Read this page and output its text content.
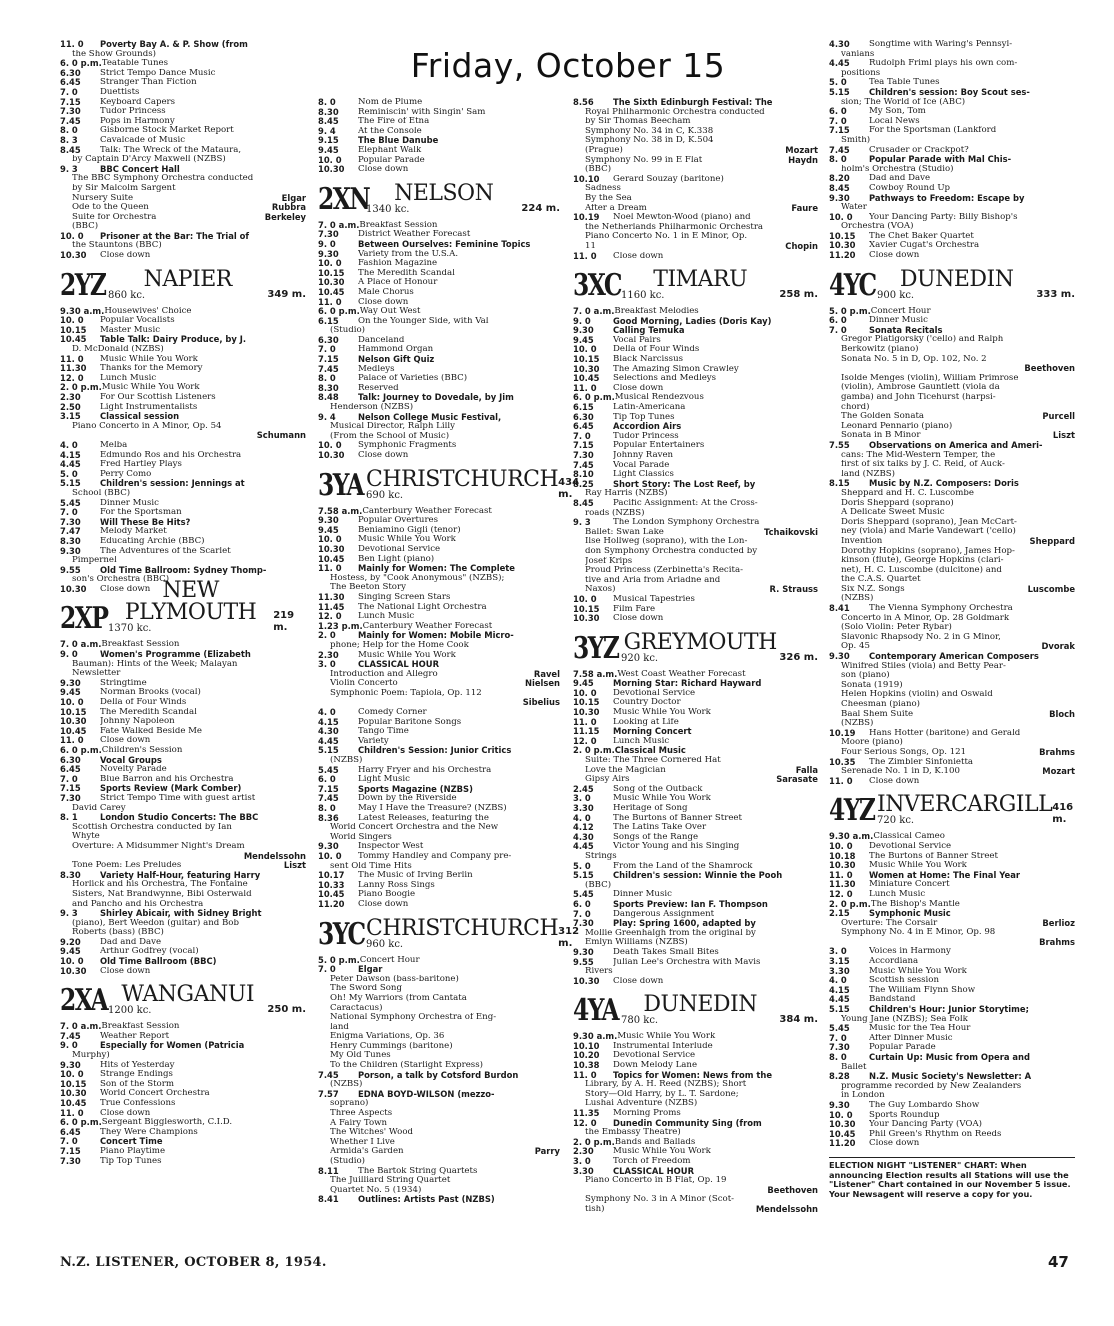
Friday, October 15
11. 0	Poverty Bay A. & P. Show (from
the Show Grounds)
6. 0 p.m. Teatable Tunes
6.30	Strict Tempo Dance Music
6.45	Stranger Than Fiction
7. 0	Duettists
7.15	Keyboard Capers
7.30	Tudor Princess
7.45	Pops in Harmony
8. 0	Gisborne Stock Market Report
8. 3	Cavalcade of Music
8.45	Talk: The Wreck of the Mataura,
by Captain D'Arcy Maxwell (NZBS)
9. 3	BBC Concert Hall
The BBC Symphony Orchestra conducted
by Sir Malcolm Sargent
Nursery Suite	Elgar
Ode to the Queen	Rubbra
Suite for Orchestra	Berkeley
(BBC)
10. 0	Prisoner at the Bar: The Trial of
the Stauntons (BBC)
10.30	Close down
2YZ	NAPIER
860 kc.	349 m.
9.30 a.m. Housewives' Choice
10. 0	Popular Vocalists
10.15	Master Music
10.45	Table Talk: Dairy Produce, by J.
D. McDonald (NZBS)
11. 0	Music While You Work
11.30	Thanks for the Memory
12. 0	Lunch Music
2. 0 p.m. Music While You Work
2.30	For Our Scottish Listeners
2.50	Light Instrumentalists
3.15	Classical session
Piano Concerto in A Minor, Op. 54
Schumann
4. 0	Melba
4.15	Edmundo Ros and his Orchestra
4.45	Fred Hartley Plays
5. 0	Perry Como
5.15	Children's session: Jennings at
School (BBC)
5.45	Dinner Music
7. 0	For the Sportsman
7.30	Will These Be Hits?
7.47	Melody Market
8.30	Educating Archie (BBC)
9.30	The Adventures of the Scarlet
Pimpernel
9.55	Old Time Ballroom: Sydney Thomp-
son's Orchestra (BBC)
10.30	Close down
2XP
NEW PLYMOUTH
1370 kc.
219 m.
7. 0 a.m. Breakfast Session
9. 0	Women's Programme (Elizabeth
Bauman): Hints of the Week; Malayan
Newsletter
9.30	Stringtime
9.45	Norman Brooks (vocal)
10. 0	Della of Four Winds
10.15	The Meredith Scandal
10.30	Johnny Napoleon
10.45	Fate Walked Beside Me
11. 0	Close down
6. 0 p.m. Children's Session
6.30	Vocal Groups
6.45	Novelty Parade
7. 0	Blue Barron and his Orchestra
7.15	Sports Review (Mark Comber)
7.30	Strict Tempo Time with guest artist
David Carey
8. 1	London Studio Concerts: The BBC
Scottish Orchestra conducted by Ian
Whyte
Overture: A Midsummer Night's Dream
Mendelssohn
Tone Poem: Les Preludes	Liszt
8.30	Variety Half-Hour, featuring Harry
Horlick and his Orchestra, The Fontaine
Sisters, Nat Brandwynne, Bibi Osterwald
and Pancho and his Orchestra
9. 3	Shirley Abicair, with Sidney Bright
(piano), Bert Weedon (guitar) and Bob
Roberts (bass) (BBC)
9.20	Dad and Dave
9.45	Arthur Godfrey (vocal)
10. 0	Old Time Ballroom (BBC)
10.30	Close down
2XA WANGANUI
1200 kc.	250 m.
7. 0 a.m. Breakfast Session
7.45	Weather Report
9. 0	Especially for Women (Patricia
Murphy)
9.30	Hits of Yesterday
10. 0	Strange Endings
10.15	Son of the Storm
10.30	World Concert Orchestra
10.45	True Confessions
11. 0	Close down
6. 0 p.m. Sergeant Bigglesworth, C.I.D.
6.45	They Were Champions
7. 0	Concert Time
7.15	Piano Playtime
7.30	Tip Top Tunes
8. 0	Nom de Plume
8.30	Reminiscin' with Singin' Sam
8.45	The Fire of Etna
9. 4	At the Console
9.15	The Blue Danube
9.45	Elephant Walk
10. 0	Popular Parade
10.30	Close down
2XN	NELSON
1340 kc.	224 m.
7. 0 a.m. Breakfast Session
7.30	District Weather Forecast
9. 0	Between Ourselves: Feminine Topics
9.30	Variety from the U.S.A.
10. 0	Fashion Magazine
10.15	The Meredith Scandal
10.30	A Place of Honour
10.45	Male Chorus
11. 0	Close down
6. 0 p.m. Way Out West
6.15	On the Younger Side, with Val
(Studio)
6.30	Danceland
7. 0	Hammond Organ
7.15	Nelson Gift Quiz
7.45	Medleys
8. 0	Palace of Varieties (BBC)
8.30	Reserved
8.48	Talk: Journey to Dovedale, by Jim
Henderson (NZBS)
9. 4	Nelson College Music Festival,
Musical Director, Ralph Lilly
(From the School of Music)
10. 0	Symphonic Fragments
10.30	Close down
3YA CHRISTCHURCH
690 kc.
434 m.
7.58 a.m. Canterbury Weather Forecast
9.30	Popular Overtures
9.45	Beniamino Gigli (tenor)
10. 0	Music While You Work
10.30	Devotional Service
10.45	Ben Light (piano)
11. 0	Mainly for Women: The Complete
Hostess, by "Cook Anonymous" (NZBS);
The Beeton Story
11.30	Singing Screen Stars
11.45	The National Light Orchestra
12. 0	Lunch Music
1.23 p.m. Canterbury Weather Forecast
2. 0	Mainly for Women: Mobile Micro-
phone; Help for the Home Cook
2.30	Music While You Work
3. 0	CLASSICAL HOUR
Introduction and Allegro	Ravel
Violin Concerto	Nielsen
Symphonic Poem: Tapiola, Op. 112
Sibelius
4. 0	Comedy Corner
4.15	Popular Baritone Songs
4.30	Tango Time
4.45	Variety
5.15	Children's Session: Junior Critics
(NZBS)
5.45	Harry Fryer and his Orchestra
6. 0	Light Music
7.15	Sports Magazine (NZBS)
7.45	Down by the Riverside
8. 0	May I Have the Treasure? (NZBS)
8.36	Latest Releases, featuring the
World Concert Orchestra and the New
World Singers
9.30	Inspector West
10. 0	Tommy Handley and Company pre-
sent Old Time Hits
10.17	The Music of Irving Berlin
10.33	Lanny Ross Sings
10.45	Piano Boogie
11.20	Close down
3YC CHRISTCHURCH
960 kc.
312 m.
5. 0 p.m. Concert Hour
7. 0	Elgar
Peter Dawson (bass-baritone)
The Sword Song
Oh! My Warriors (from Cantata
Caractacus)
National Symphony Orchestra of Eng-
land
Enigma Variations, Op. 36
Henry Cummings (baritone)
My Old Tunes
To the Children (Starlight Express)
7.45	Porson, a talk by Cotsford Burdon
(NZBS)
7.57	EDNA BOYD-WILSON (mezzo-
soprano)
Three Aspects
A Fairy Town
The Witches' Wood
Whether I Live
Armida's Garden	Parry
(Studio)
8.11	The Bartok String Quartets
The Juilliard String Quartet
Quartet No. 5 (1934)
8.41	Outlines: Artists Past (NZBS)
8.56	The Sixth Edinburgh Festival: The
Royal Philharmonic Orchestra conducted
by Sir Thomas Beecham
Symphony No. 34 in C, K.338
Symphony No. 38 in D, K.504
(Prague)	Mozart
Symphony No. 99 in E Flat	Haydn
(BBC)
10.10	Gerard Souzay (baritone)
Sadness
By the Sea
After a Dream	Faure
10.19	Noel Mewton-Wood (piano) and
the Netherlands Philharmonic Orchestra
Piano Concerto No. 1 in E Minor, Op.
11	Chopin
11. 0	Close down
3XC	TIMARU
1160 kc.	258 m.
7. 0 a.m. Breakfast Melodies
9. 0	Good Morning, Ladies (Doris Kay)
9.30	Calling Temuka
9.45	Vocal Pairs
10. 0	Della of Four Winds
10.15	Black Narcissus
10.30	The Amazing Simon Crawley
10.45	Selections and Medleys
11. 0	Close down
6. 0 p.m. Musical Rendezvous
6.15	Latin-Americana
6.30	Tip Top Tunes
6.45	Accordion Airs
7. 0	Tudor Princess
7.15	Popular Entertainers
7.30	Johnny Raven
7.45	Vocal Parade
8.10	Light Classics
8.25	Short Story: The Lost Reef, by
Ray Harris (NZBS)
8.45	Pacific Assignment: At the Cross-
roads (NZBS)
9. 3	The London Symphony Orchestra
Ballet: Swan Lake	Tchaikovski
Ilse Hollweg (soprano), with the Lon-
don Symphony Orchestra conducted by
Josef Krips
Proud Princess (Zerbinetta's Recita-
tive and Aria from Ariadne and
Naxos)	R. Strauss
10. 0	Musical Tapestries
10.15	Film Fare
10.30	Close down
3YZ GREYMOUTH
920 kc.	326 m.
7.58 a.m. West Coast Weather Forecast
9.45	Morning Star: Richard Hayward
10. 0	Devotional Service
10.15	Country Doctor
10.30	Music While You Work
11. 0	Looking at Life
11.15	Morning Concert
12. 0	Lunch Music
2. 0 p.m. Classical Music
Suite: The Three Cornered Hat
Love the Magician	Falla
Gipsy Airs	Sarasate
2.45	Song of the Outback
3. 0	Music While You Work
3.30	Heritage of Song
4. 0	The Burtons of Banner Street
4.12	The Latins Take Over
4.30	Songs of the Range
4.45	Victor Young and his Singing
Strings
5. 0	From the Land of the Shamrock
5.15	Children's session: Winnie the Pooh
(BBC)
5.45	Dinner Music
6. 0	Sports Preview: Ian F. Thompson
7. 0	Dangerous Assignment
7.30	Play: Spring 1600, adapted by
Mollie Greenhalgh from the original by
Emlyn Williams (NZBS)
9.30	Death Takes Small Bites
9.55	Julian Lee's Orchestra with Mavis
Rivers
10.30	Close down
4YA	DUNEDIN
780 kc.	384 m.
9.30 a.m. Music While You Work
10.10	Instrumental Interlude
10.20	Devotional Service
10.38	Down Melody Lane
11. 0	Topics for Women: News from the
Library, by A. H. Reed (NZBS); Short
Story—Old Harry, by L. T. Sardone;
Lushai Adventure (NZBS)
11.35	Morning Proms
12. 0	Dunedin Community Sing (from
the Embassy Theatre)
2. 0 p.m. Bands and Ballads
2.30	Music While You Work
3. 0	Torch of Freedom
3.30	CLASSICAL HOUR
Piano Concerto in B Flat, Op. 19
Beethoven
Symphony No. 3 in A Minor (Scot-
tish)	Mendelssohn
4.30	Songtime with Waring's Pennsyl-
vanians
4.45	Rudolph Friml plays his own com-
positions
5. 0	Tea Table Tunes
5.15	Children's session: Boy Scout ses-
sion; The World of Ice (ABC)
6. 0	My Son, Tom
7. 0	Local News
7.15	For the Sportsman (Lankford
Smith)
7.45	Crusader or Crackpot?
8. 0	Popular Parade with Mal Chis-
holm's Orchestra (Studio)
8.20	Dad and Dave
8.45	Cowboy Round Up
9.30	Pathways to Freedom: Escape by
Water
10. 0	Your Dancing Party: Billy Bishop's
Orchestra (VOA)
10.15	The Chet Baker Quartet
10.30	Xavier Cugat's Orchestra
11.20	Close down
4YC	DUNEDIN
900 kc.	333 m.
5. 0 p.m. Concert Hour
6. 0	Dinner Music
7. 0	Sonata Recitals
Gregor Piatigorsky ('cello) and Ralph
Berkowitz (piano)
Sonata No. 5 in D, Op. 102, No. 2
Beethoven
Isolde Menges (violin), William Primrose
(violin), Ambrose Gauntlett (viola da
gamba) and John Ticehurst (harpsi-
chord)
The Golden Sonata	Purcell
Leonard Pennario (piano)
Sonata in B Minor	Liszt
7.55	Observations on America and Ameri-
cans: The Mid-Western Temper, the
first of six talks by J. C. Reid, of Auck-
land (NZBS)
8.15	Music by N.Z. Composers: Doris
Sheppard and H. C. Luscombe
Doris Sheppard (soprano)
A Delicate Sweet Music
Doris Sheppard (soprano), Jean McCart-
ney (viola) and Marie Vandewart ('cello)
Invention	Sheppard
Dorothy Hopkins (soprano), James Hop-
kinson (flute), George Hopkins (clari-
net), H. C. Luscombe (dulcitone) and
the C.A.S. Quartet
Six N.Z. Songs	Luscombe
(NZBS)
8.41	The Vienna Symphony Orchestra
Concerto in A Minor, Op. 28 Goldmark
(Solo Violin: Peter Rybar)
Slavonic Rhapsody No. 2 in G Minor,
Op. 45	Dvorak
9.30	Contemporary American Composers
Winifred Stiles (viola) and Betty Pear-
son (piano)
Sonata (1919)
Helen Hopkins (violin) and Oswald
Cheesman (piano)
Baal Shem Suite	Bloch
(NZBS)
10.19	Hans Hotter (baritone) and Gerald
Moore (piano)
Four Serious Songs, Op. 121	Brahms
10.35	The Zimbler Sinfonietta
Serenade No. 1 in D, K.100	Mozart
11. 0	Close down
4YZ INVERCARGILL
720 kc.
416 m.
9.30 a.m. Classical Cameo
10. 0	Devotional Service
10.18	The Burtons of Banner Street
10.30	Music While You Work
11. 0	Women at Home: The Final Year
11.30	Miniature Concert
12. 0	Lunch Music
2. 0 p.m. The Bishop's Mantle
2.15	Symphonic Music
Overture: The Corsair	Berlioz
Symphony No. 4 in E Minor, Op. 98
Brahms
3. 0	Voices in Harmony
3.15	Accordiana
3.30	Music While You Work
4. 0	Scottish session
4.15	The William Flynn Show
4.45	Bandstand
5.15	Children's Hour: Junior Storytime;
Young Jane (NZBS); Sea Folk
5.45	Music for the Tea Hour
7. 0	After Dinner Music
7.30	Popular Parade
8. 0	Curtain Up: Music from Opera and
Ballet
8.28	N.Z. Music Society's Newsletter: A
programme recorded by New Zealanders
in London
9.30	The Guy Lombardo Show
10. 0	Sports Roundup
10.30	Your Dancing Party (VOA)
10.45	Phil Green's Rhythm on Reeds
11.20	Close down
ELECTION NIGHT "LISTENER" CHART: When announcing Election results all Stations will use the "Listener" Chart contained in our November 5 issue. Your Newsagent will reserve a copy for you.
N.Z. LISTENER, OCTOBER 8, 1954.	47
